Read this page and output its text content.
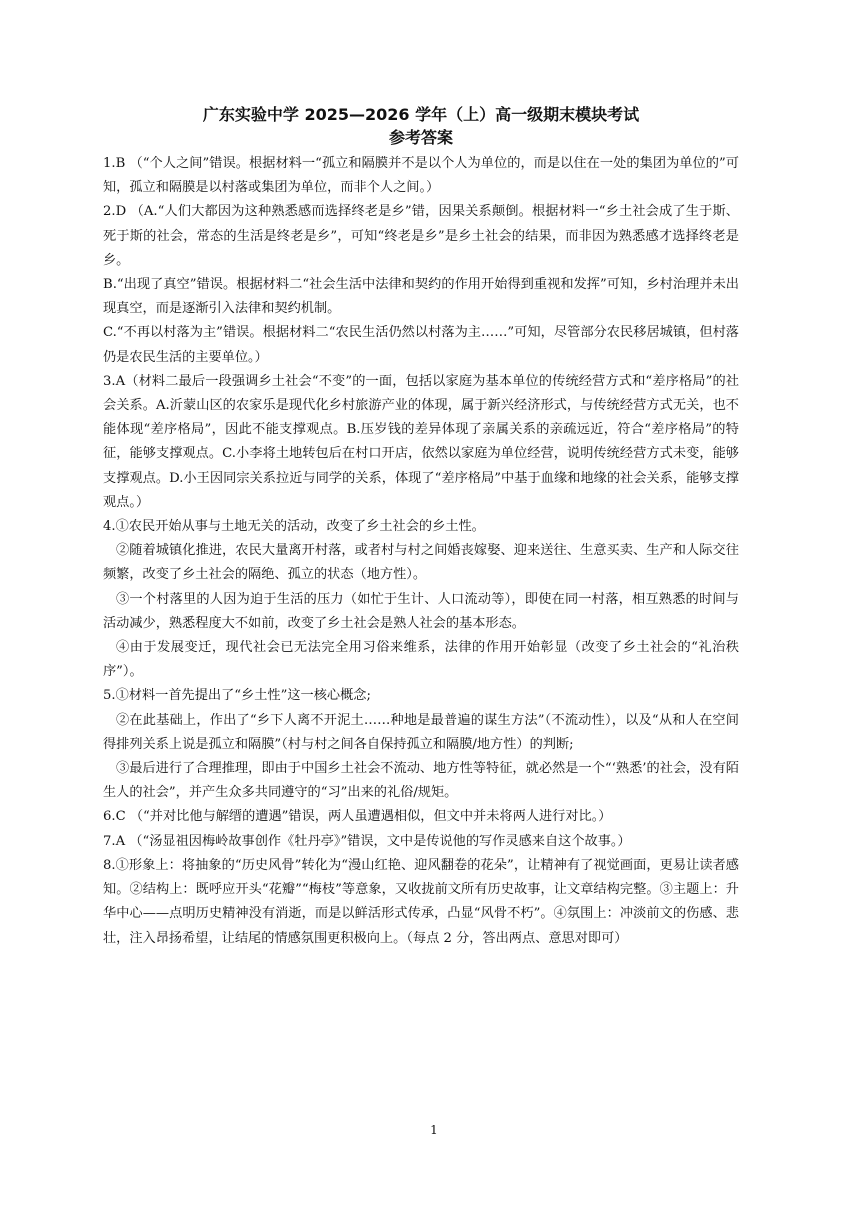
广东实验中学 2025—2026 学年（上）高一级期末模块考试
参考答案

1.B （“个人之间”错误。根据材料一“孤立和隔膜并不是以个人为单位的，而是以住在一处的集团为单位的”可知，孤立和隔膜是以村落或集团为单位，而非个人之间。）

2.D （A.“人们大都因为这种熟悉感而选择终老是乡”错，因果关系颠倒。根据材料一“乡土社会成了生于斯、死于斯的社会，常态的生活是终老是乡”，可知“终老是乡”是乡土社会的结果，而非因为熟悉感才选择终老是乡。

B.“出现了真空”错误。根据材料二“社会生活中法律和契约的作用开始得到重视和发挥”可知，乡村治理并未出现真空，而是逐渐引入法律和契约机制。

C.“不再以村落为主”错误。根据材料二“农民生活仍然以村落为主……”可知，尽管部分农民移居城镇，但村落仍是农民生活的主要单位。）

3.A（材料二最后一段强调乡土社会“不变”的一面，包括以家庭为基本单位的传统经营方式和“差序格局”的社会关系。A.沂蒙山区的农家乐是现代化乡村旅游产业的体现，属于新兴经济形式，与传统经营方式无关，也不能体现“差序格局”，因此不能支撑观点。B.压岁钱的差异体现了亲属关系的亲疏远近，符合“差序格局”的特征，能够支撑观点。C.小李将土地转包后在村口开店，依然以家庭为单位经营，说明传统经营方式未变，能够支撑观点。D.小王因同宗关系拉近与同学的关系，体现了“差序格局”中基于血缘和地缘的社会关系，能够支撑观点。）

4.①农民开始从事与土地无关的活动，改变了乡土社会的乡土性。

②随着城镇化推进，农民大量离开村落，或者村与村之间婚丧嫁娶、迎来送往、生意买卖、生产和人际交往频繁，改变了乡土社会的隔绝、孤立的状态（地方性）。

③一个村落里的人因为迫于生活的压力（如忙于生计、人口流动等），即使在同一村落，相互熟悉的时间与活动减少，熟悉程度大不如前，改变了乡土社会是熟人社会的基本形态。

④由于发展变迁，现代社会已无法完全用习俗来维系，法律的作用开始彰显（改变了乡土社会的“礼治秩序”）。

5.①材料一首先提出了“乡土性”这一核心概念;

②在此基础上，作出了“乡下人离不开泥土……种地是最普遍的谋生方法”（不流动性），以及“从和人在空间得排列关系上说是孤立和隔膜”（村与村之间各自保持孤立和隔膜/地方性）的判断;

③最后进行了合理推理，即由于中国乡土社会不流动、地方性等特征，就必然是一个“‘熟悉’的社会，没有陌生人的社会”，并产生众多共同遵守的“习”出来的礼俗/规矩。

6.C （“并对比他与解缙的遭遇”错误，两人虽遭遇相似，但文中并未将两人进行对比。）

7.A （“汤显祖因梅岭故事创作《牡丹亭》”错误，文中是传说他的写作灵感来自这个故事。）

8.①形象上：将抽象的“历史风骨”转化为“漫山红艳、迎风翻卷的花朵”，让精神有了视觉画面，更易让读者感知。②结构上：既呼应开头“花瓣”“梅枝”等意象，又收拢前文所有历史故事，让文章结构完整。③主题上：升华中心——点明历史精神没有消逝，而是以鲜活形式传承，凸显“风骨不朽”。④氛围上：冲淡前文的伤感、悲壮，注入昂扬希望，让结尾的情感氛围更积极向上。（每点 2 分，答出两点、意思对即可）

1
